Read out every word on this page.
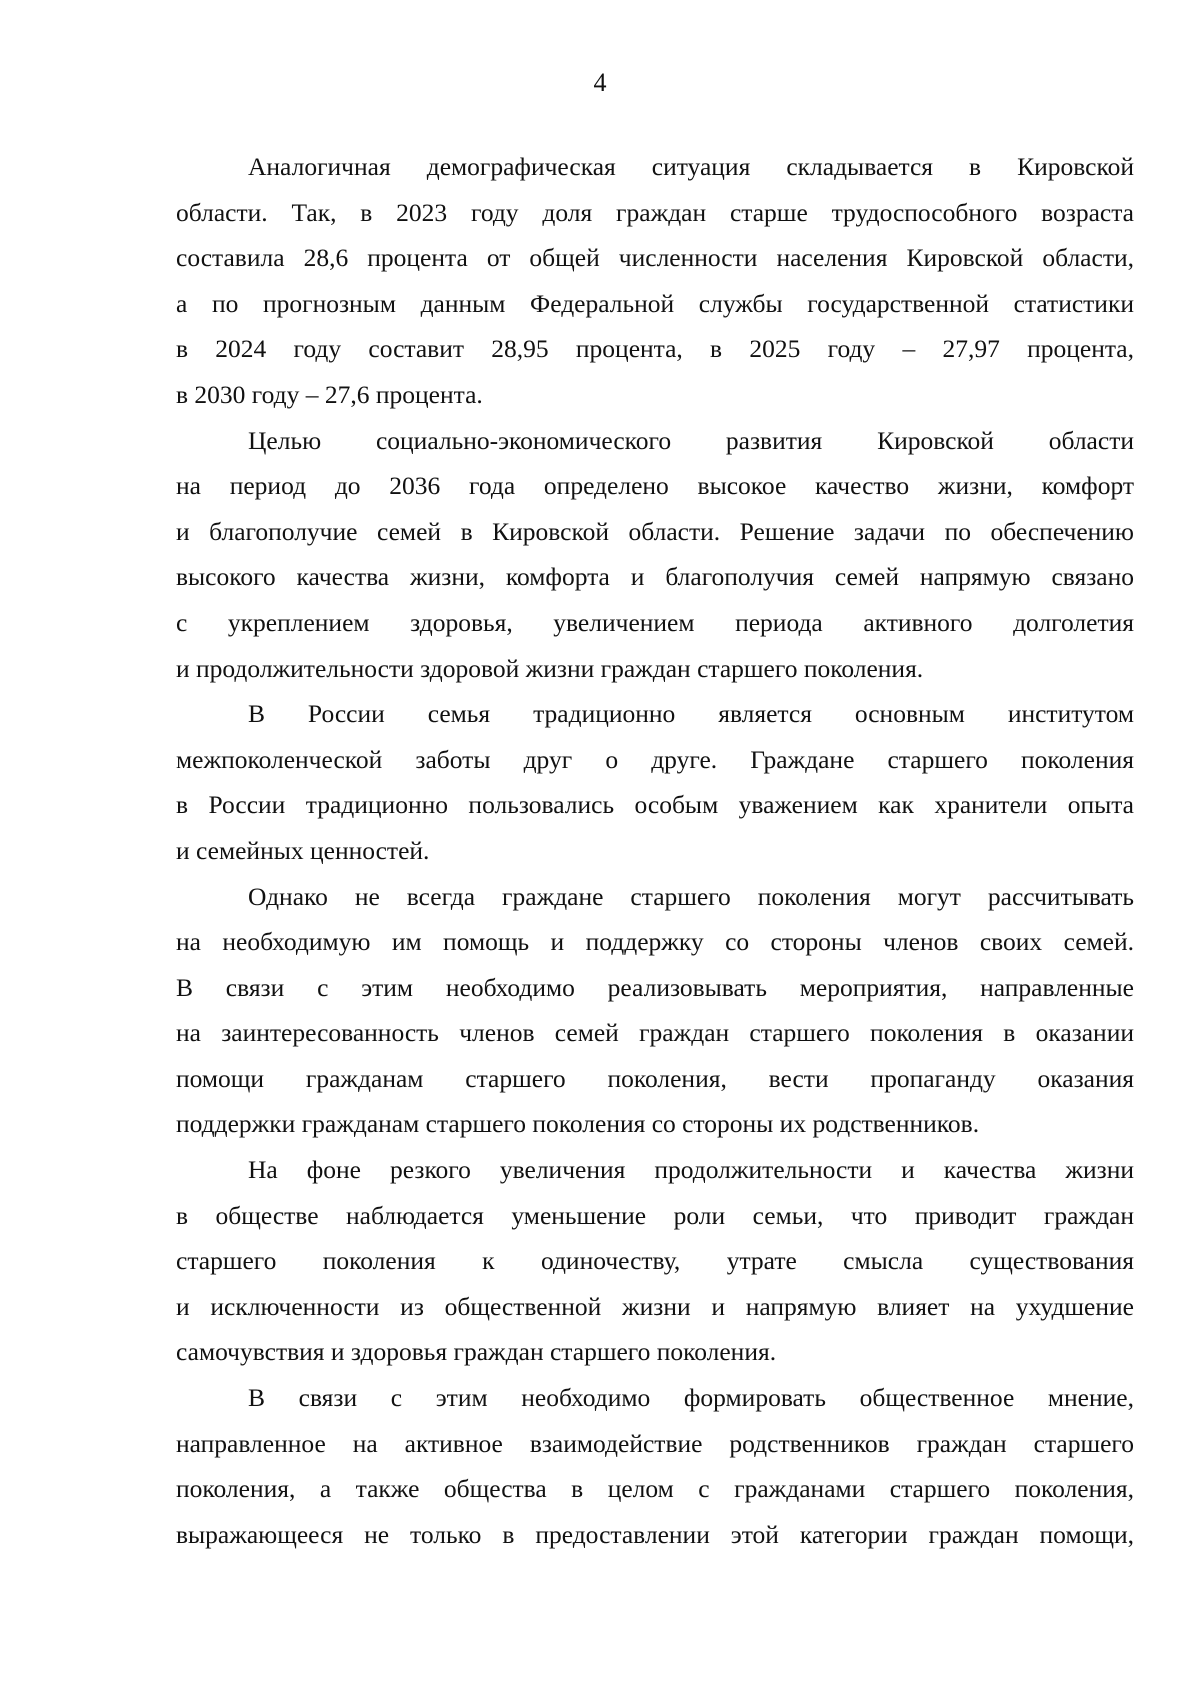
4

Аналогичная демографическая ситуация складывается в Кировской
области. Так, в 2023 году доля граждан старше трудоспособного возраста
составила 28,6 процента от общей численности населения Кировской области,
а по прогнозным данным Федеральной службы государственной статистики
в 2024 году составит 28,95 процента, в 2025 году – 27,97 процента,
в 2030 году – 27,6 процента.

Целью социально-экономического развития Кировской области
на период до 2036 года определено высокое качество жизни, комфорт
и благополучие семей в Кировской области. Решение задачи по обеспечению
высокого качества жизни, комфорта и благополучия семей напрямую связано
с укреплением здоровья, увеличением периода активного долголетия
и продолжительности здоровой жизни граждан старшего поколения.

В России семья традиционно является основным институтом
межпоколенческой заботы друг о друге. Граждане старшего поколения
в России традиционно пользовались особым уважением как хранители опыта
и семейных ценностей.

Однако не всегда граждане старшего поколения могут рассчитывать
на необходимую им помощь и поддержку со стороны членов своих семей.
В связи с этим необходимо реализовывать мероприятия, направленные
на заинтересованность членов семей граждан старшего поколения в оказании
помощи гражданам старшего поколения, вести пропаганду оказания
поддержки гражданам старшего поколения со стороны их родственников.

На фоне резкого увеличения продолжительности и качества жизни
в обществе наблюдается уменьшение роли семьи, что приводит граждан
старшего поколения к одиночеству, утрате смысла существования
и исключенности из общественной жизни и напрямую влияет на ухудшение
самочувствия и здоровья граждан старшего поколения.

В связи с этим необходимо формировать общественное мнение,
направленное на активное взаимодействие родственников граждан старшего
поколения, а также общества в целом с гражданами старшего поколения,
выражающееся не только в предоставлении этой категории граждан помощи,
